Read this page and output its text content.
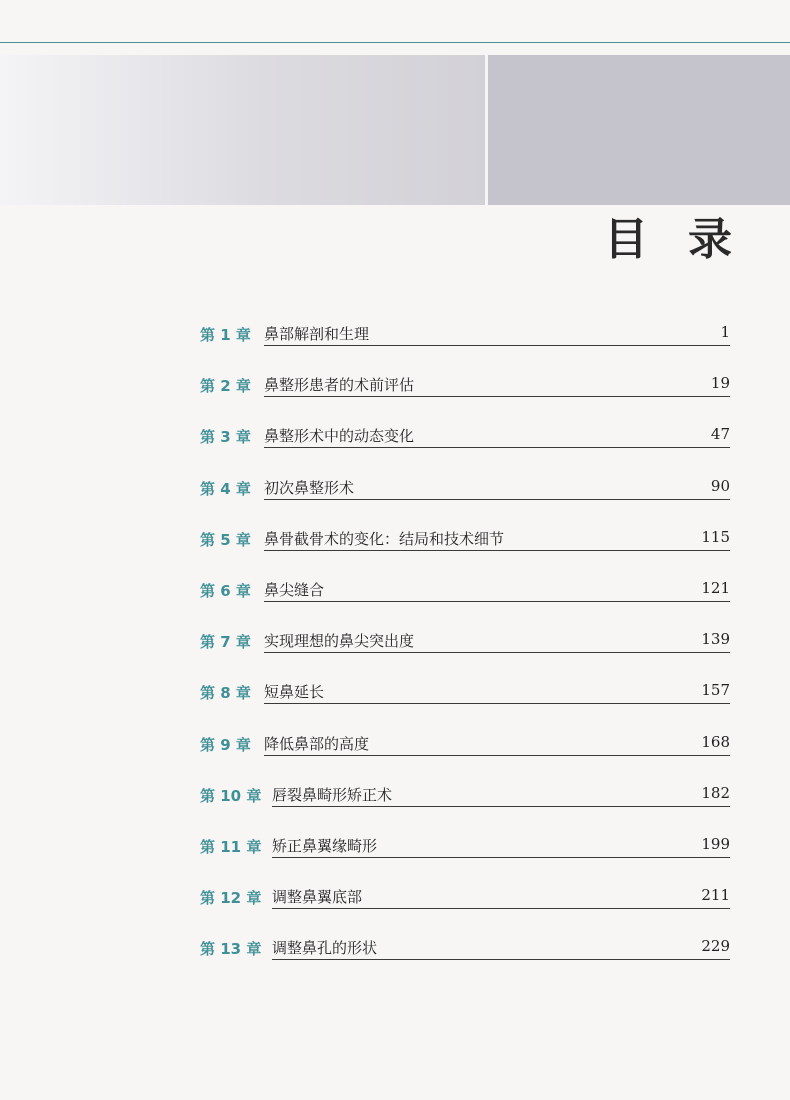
目录
第 1 章 鼻部解剖和生理	1
第 2 章 鼻整形患者的术前评估	19
第 3 章 鼻整形术中的动态变化	47
第 4 章 初次鼻整形术	90
第 5 章 鼻骨截骨术的变化：结局和技术细节	115
第 6 章 鼻尖缝合	121
第 7 章 实现理想的鼻尖突出度	139
第 8 章 短鼻延长	157
第 9 章 降低鼻部的高度	168
第 10 章 唇裂鼻畸形矫正术	182
第 11 章 矫正鼻翼缘畸形	199
第 12 章 调整鼻翼底部	211
第 13 章 调整鼻孔的形状	229
